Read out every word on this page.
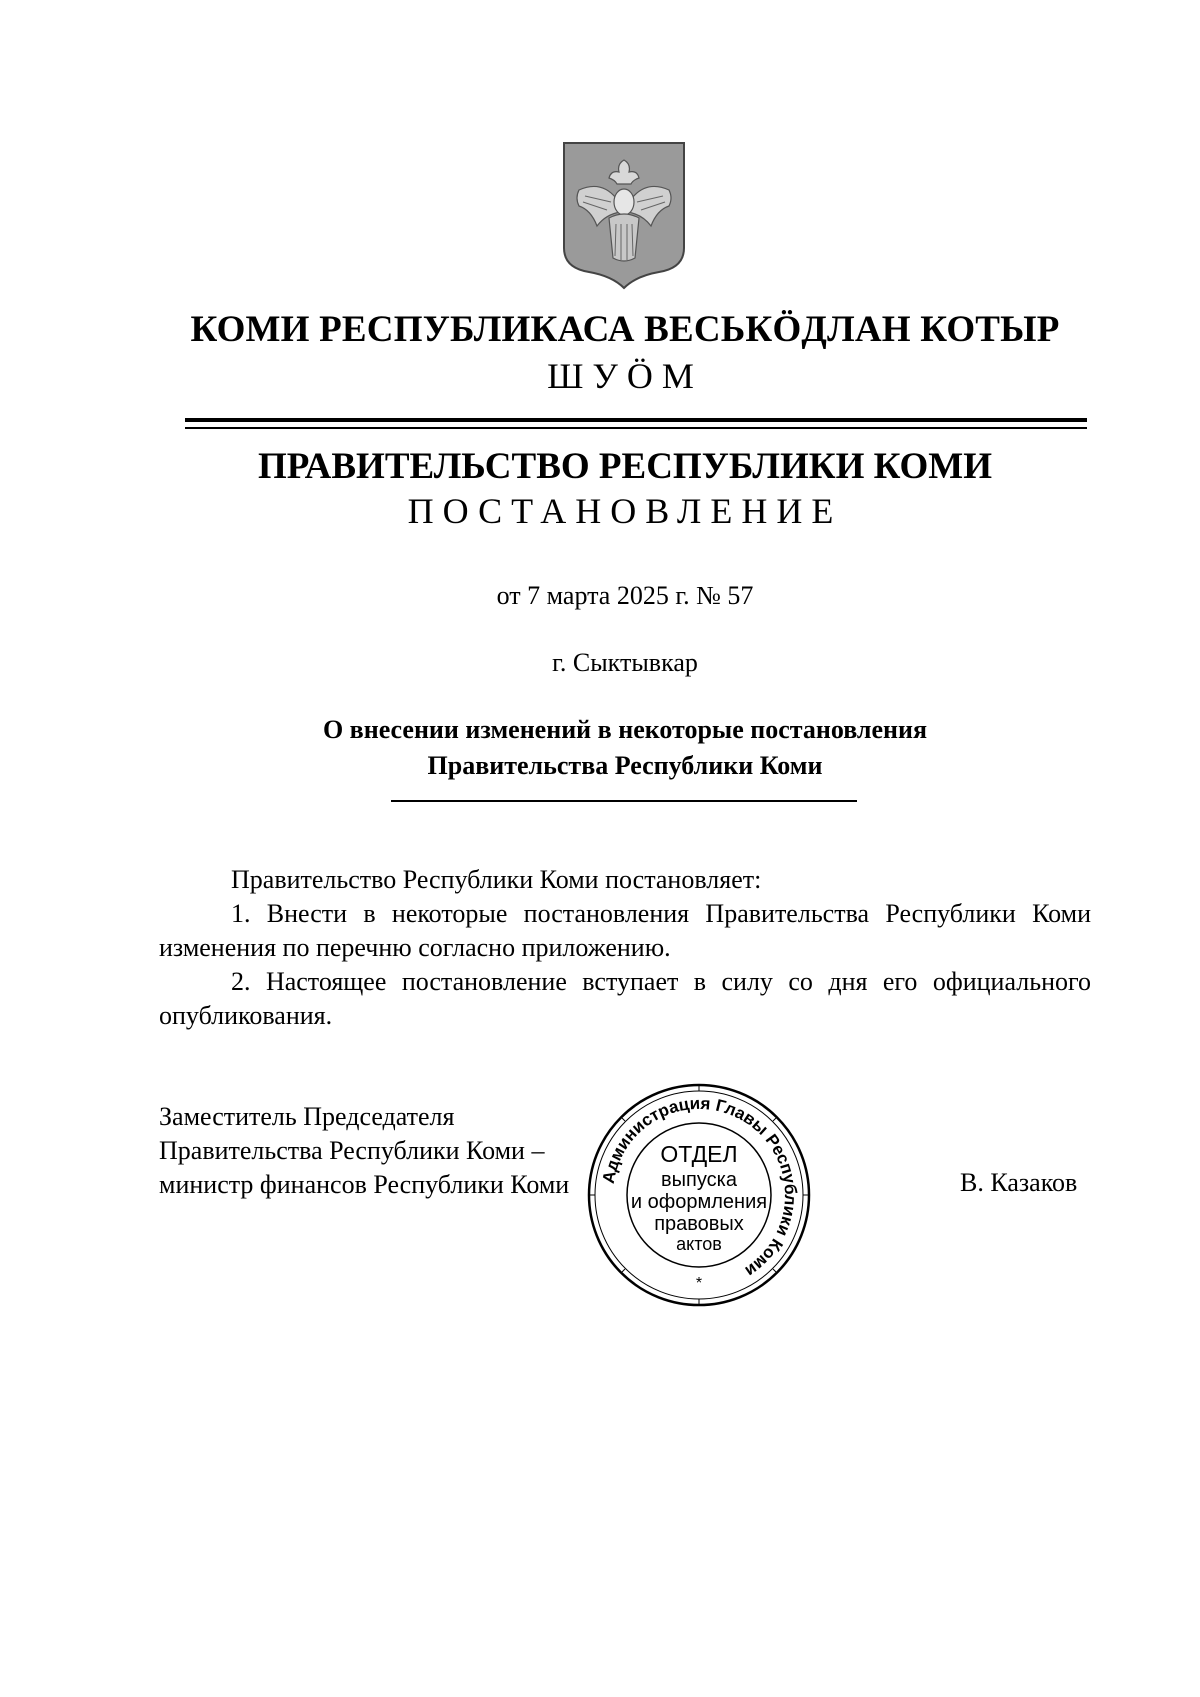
КОМИ РЕСПУБЛИКАСА ВЕСЬКӦДЛАН КОТЫР
ШУӦМ
ПРАВИТЕЛЬСТВО РЕСПУБЛИКИ КОМИ
ПОСТАНОВЛЕНИЕ
от 7 марта 2025 г. № 57
г. Сыктывкар
О внесении изменений в некоторые постановления
Правительства Республики Коми

Правительство Республики Коми постановляет:

1. Внести в некоторые постановления Правительства Республики Коми изменения по перечню согласно приложению.

2. Настоящее постановление вступает в силу со дня его официального опубликования.

Заместитель Председателя
Правительства Республики Коми –
министр финансов Республики Коми	В. Казаков
Администрация Главы Республики Коми
ОТДЕЛ
выпуска
и оформления
правовых
актов
*
